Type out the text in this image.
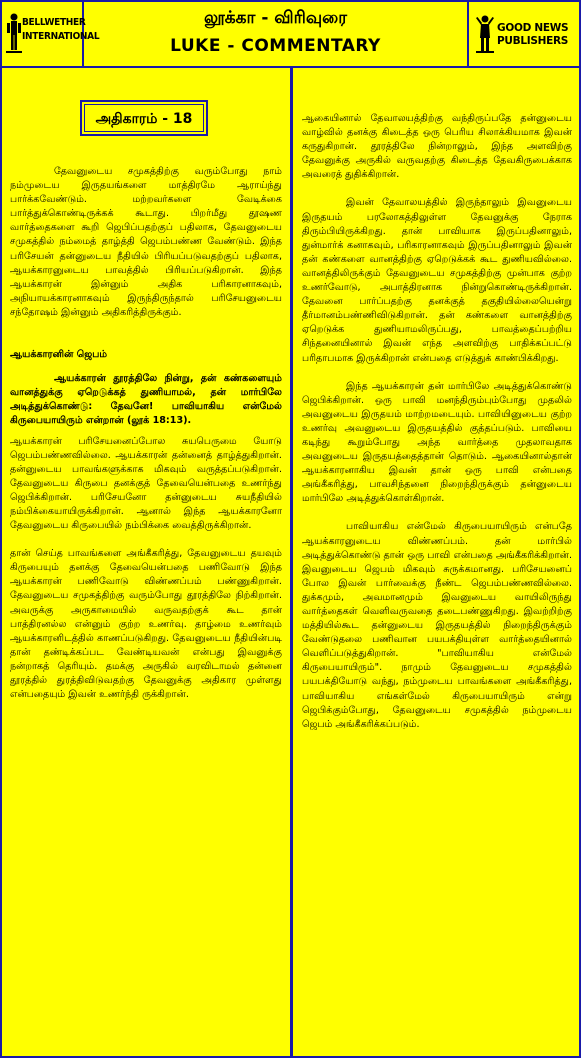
BELLWETHER
INTERNATIONAL
லூக்கா - விரிவுரை
LUKE - COMMENTARY
GOOD NEWS
PUBLISHERS
அதிகாரம் - 18

தேவனுடைய சமுகத்திற்கு வரும்போது நாம் நம்முடைய இருதயங்களை மாத்திரமே ஆராய்ந்து பார்க்கவேண்டும். மற்றவர்களை வேடிக்கை பார்த்துக்கொண்டிருக்கக் கூடாது. பிறர்மீது தூஷண வார்த்தைகளை கூறி ஜெபிப்பதற்குப் பதிலாக, தேவனுடைய சமுகத்தில் நம்மைத் தாழ்த்தி ஜெபம்பண்ண வேண்டும். இந்த பரிசேயன் தன்னுடைய நீதியில் பிரியப்படுவதற்குப் பதிலாக, ஆயக்காரனுடைய பாவத்தில் பிரியப்படுகிறான். இந்த ஆயக்காரன் இன்னும் அதிக பரிகாரனாகவும், அநியாயக்காரனாகவும் இருந்திருந்தால் பரிசேயனுடைய சந்தோஷம் இன்னும் அதிகரித்திருக்கும்.

ஆயக்காரனின் ஜெபம்

ஆயக்காரன் தூரத்திலே நின்று, தன் கண்களையும் வானத்துக்கு ஏறெடுக்கத் துணியாமல், தன் மார்பிலே அடித்துக்கொண்டு: தேவனே! பாவியாகிய என்மேல் கிருபையாயிரும் என்றான் (லூக் 18:13).

ஆயக்காரன் பரிசேயனைப்போல சுயபெருமை யோடு ஜெபம்பண்ணவில்லை. ஆயக்காரன் தன்னைத் தாழ்த்துகிறான். தன்னுடைய பாவங்களுக்காக மிகவும் வருத்தப்படுகிறான். தேவனுடைய கிருபை தனக்குத் தேவையென்பதை உணர்ந்து ஜெபிக்கிறான். பரிசேயனோ தன்னுடைய சுயநீதியில் நம்பிக்கையாயிருக்கிறான். ஆனால் இந்த ஆயக்காரனோ தேவனுடைய கிருபையில் நம்பிக்கை வைத்திருக்கிறான்.

தான் செய்த பாவங்களை அங்கீகரித்து, தேவனுடைய தயவும் கிருபையும் தனக்கு தேவையென்பதை பணிவோடு இந்த ஆயக்காரன் பணிவோடு விண்ணப்பம் பண்ணுகிறான். தேவனுடைய சமுகத்திற்கு வரும்போது தூரத்திலே நிற்கிறான். அவருக்கு அருகாமையில் வருவதற்குக் கூட தான் பாத்திரனல்ல என்னும் குற்ற உணர்வு. தாழ்மை உணர்வும் ஆயக்காரனிடத்தில் காணப்படுகிறது. தேவனுடைய நீதியின்படி தான் தண்டிக்கப்பட வேண்டியவன் என்பது இவனுக்கு நன்றாகத் தெரியும். தமக்கு அருகில் வரவிடாமல் தன்னை தூரத்தில் துரத்திவிடுவதற்கு தேவனுக்கு அதிகார முள்ளது என்பதையும் இவன் உணர்ந்தி ருக்கிறான்.

ஆகையினால் தேவாலயத்திற்கு வந்திருப்பதே தன்னுடைய வாழ்வில் தனக்கு கிடைத்த ஒரு பெரிய சிலாக்கியமாக இவன் கருதுகிறான். தூரத்திலே நின்றாலும், இந்த அளவிற்கு தேவனுக்கு அருகில் வருவதற்கு கிடைத்த தேவகிருபைக்காக அவரைத் துதிக்கிறான்.

இவன் தேவாலயத்தில் இருந்தாலும் இவனுடைய இருதயம் பரலோகத்திலுள்ள தேவனுக்கு நேராக திரும்பியிருக்கிறது. தான் பாவியாக இருப்பதினாலும், துன்மார்க் கனாகவும், பரிகாரனாகவும் இருப்பதினாலும் இவன் தன் கண்களை வானத்திற்கு ஏறெடுக்கக் கூட துணியவில்லை. வானத்திலிருக்கும் தேவனுடைய சமுகத்திற்கு முன்பாக குற்ற உணர்வோடு, அபாத்திரனாக நின்றுகொண்டிருக்கிறான். தேவனை பார்ப்பதற்கு தனக்குத் தகுதியில்லையென்று தீர்மானம்பண்ணிவிடுகிறான். தன் கண்களை வானத்திற்கு ஏறெடுக்க துணியாமலிருப்பது, பாவத்தைப்பற்றிய சிந்தனையினால் இவன் எந்த அளவிற்கு பாதிக்கப்பட்டு பரிதாபமாக இருக்கிறான் என்பதை எடுத்துக் காண்பிக்கிறது.

இந்த ஆயக்காரன் தன் மார்பிலே அடித்துக்கொண்டு ஜெபிக்கிறான். ஒரு பாவி மனந்திரும்பும்போது முதலில் அவனுடைய இருதயம் மாற்றமடையும். பாவியினுடைய குற்ற உணர்வு அவனுடைய இருதயத்தில் குத்தப்படும். பாவியை கடிந்து கூறும்போது அந்த வார்த்தை முதலாவதாக அவனுடைய இருதயத்தைத்தான் தொடும். ஆகையினால்தான் ஆயக்காரனாகிய இவன் தான் ஒரு பாவி என்பதை அங்கீகரித்து, பாவசிந்தனை நிறைந்திருக்கும் தன்னுடைய மார்பிலே அடித்துக்கொள்கிறான்.

பாவியாகிய என்மேல் கிருபையாயிரும் என்பதே ஆயக்காரனுடைய விண்ணப்பம். தன் மார்பில் அடித்துக்கொண்டு தான் ஒரு பாவி என்பதை அங்கீகரிக்கிறான். இவனுடைய ஜெபம் மிகவும் சுருக்கமானது. பரிசேயனைப் போல இவன் பார்வைக்கு நீண்ட ஜெபம்பண்ணவில்லை. துக்கமும், அவமானமும் இவனுடைய வாயிலிருந்து வார்த்தைகள் வெளிவருவதை தடைபண்ணுகிறது. இவற்றிற்கு மத்தியில்கூட தன்னுடைய இருதயத்தில் நிறைந்திருக்கும் வேண்டுதலை பணிவான பயபக்தியுள்ள வார்த்தையினால் வெளிப்படுத்துகிறான். "பாவியாகிய என்மேல் கிருபையாயிரும்". நாமும் தேவனுடைய சமுகத்தில் பயபக்தியோடு வந்து, நம்முடைய பாவங்களை அங்கீகரித்து, பாவியாகிய எங்கள்மேல் கிருபையாயிரும் என்று ஜெபிக்கும்போது, தேவனுடைய சமுகத்தில் நம்முடைய ஜெபம் அங்கீகரிக்கப்படும்.
